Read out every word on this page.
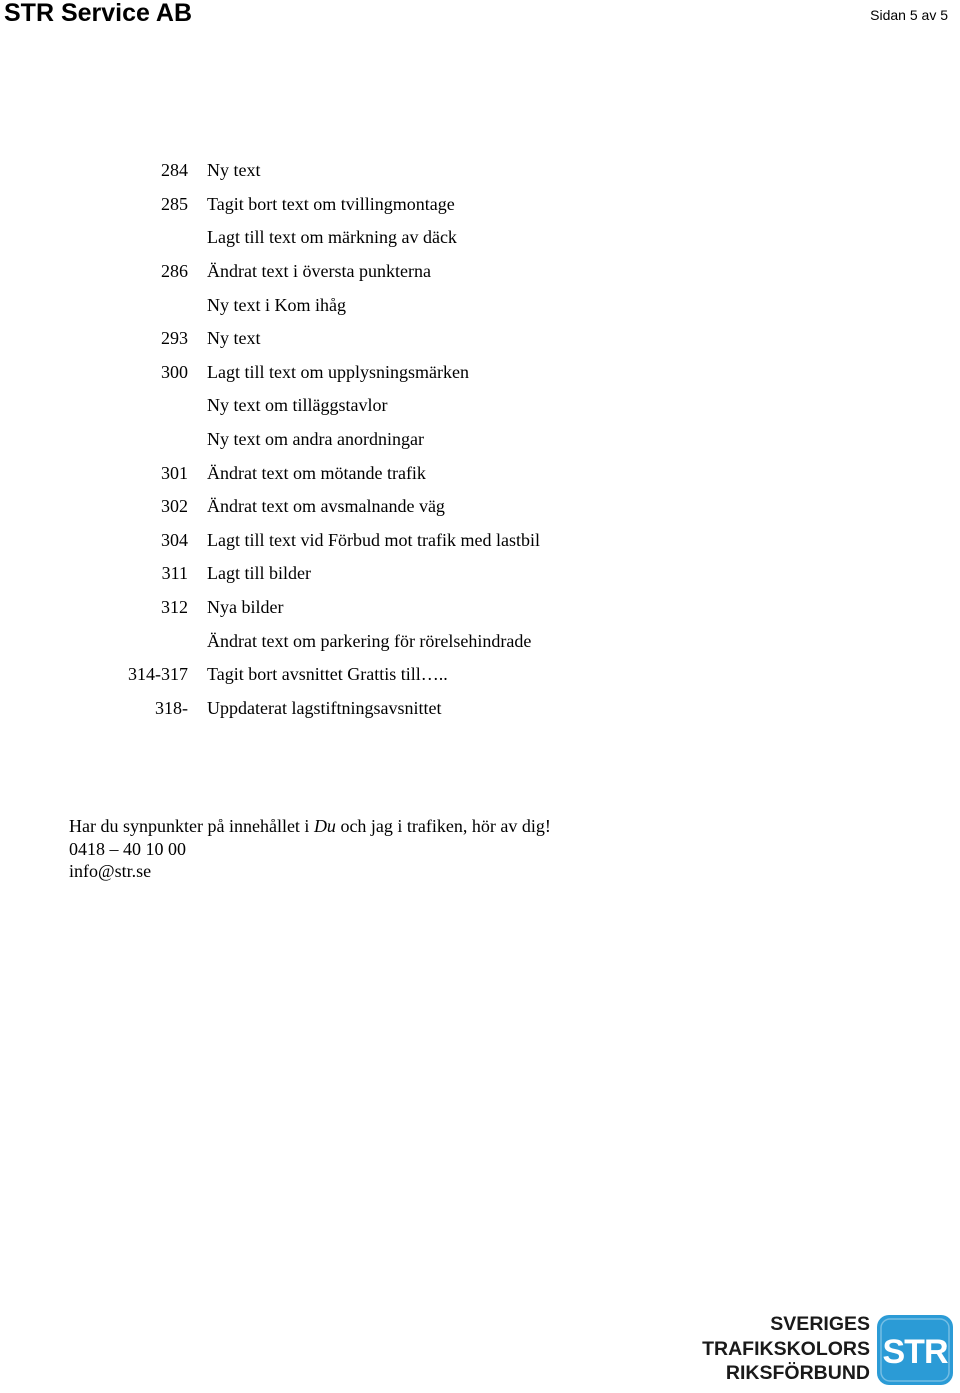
STR Service AB	Sidan 5 av 5
284 Ny text
285 Tagit bort text om tvillingmontage
Lagt till text om märkning av däck
286 Ändrat text i översta punkterna
Ny text i Kom ihåg
293 Ny text
300 Lagt till text om upplysningsmärken
Ny text om tilläggstavlor
Ny text om andra anordningar
301 Ändrat text om mötande trafik
302 Ändrat text om avsmalnande väg
304 Lagt till text vid Förbud mot trafik med lastbil
311 Lagt till bilder
312 Nya bilder
Ändrat text om parkering för rörelsehindrade
314-317 Tagit bort avsnittet Grattis till…..
318- Uppdaterat lagstiftningsavsnittet

Har du synpunkter på innehållet i Du och jag i trafiken, hör av dig!

0418 – 40 10 00

info@str.se

SVERIGES
TRAFIKSKOLORS
RIKSFÖRBUND
STR
